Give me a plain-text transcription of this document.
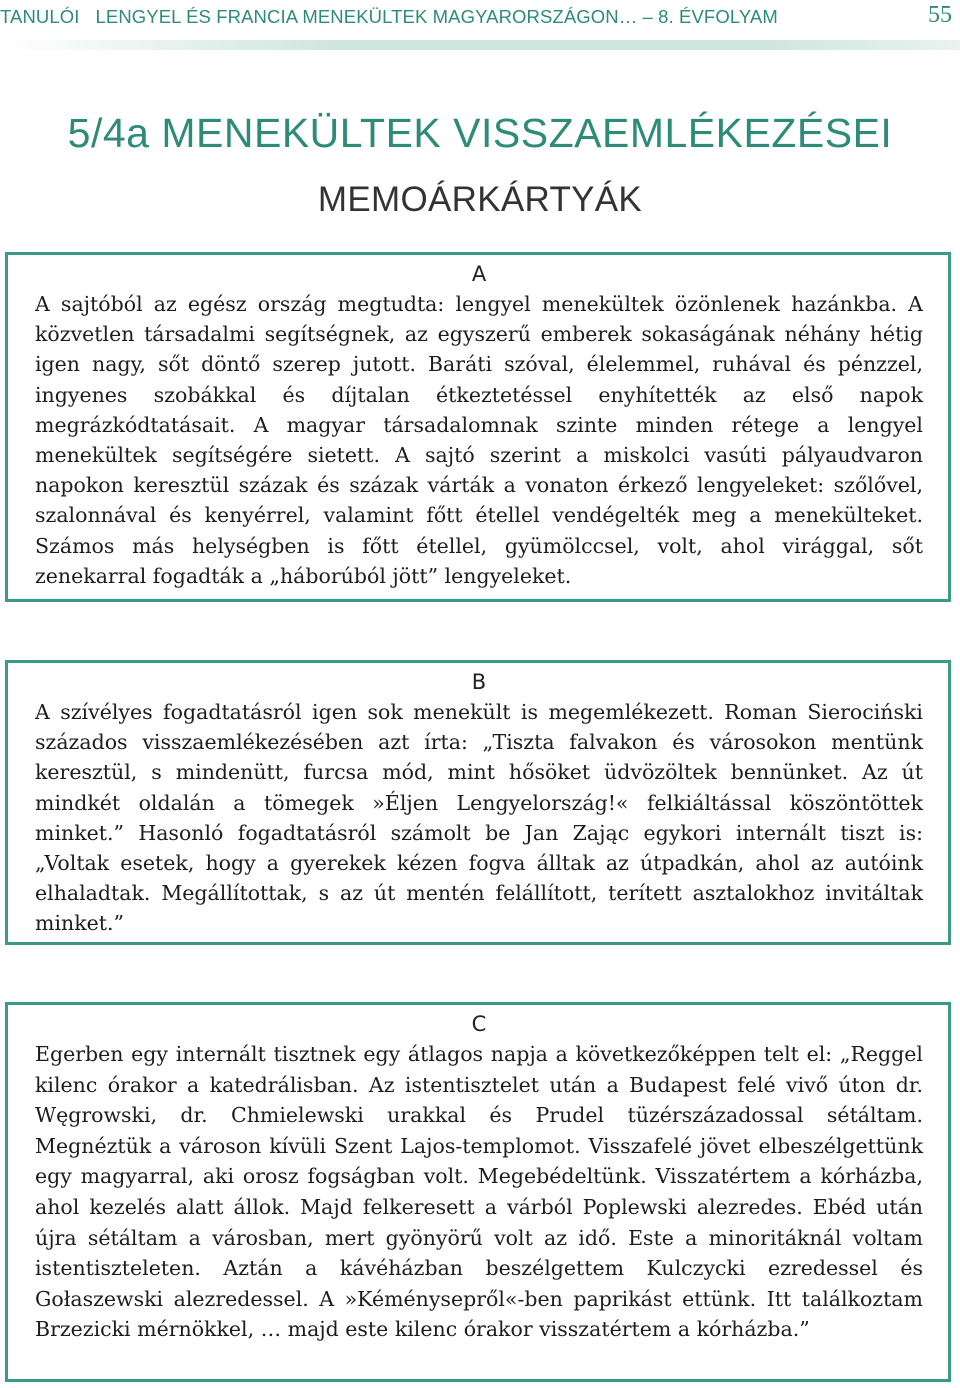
TANULÓI LENGYEL ÉS FRANCIA MENEKÜLTEK MAGYARORSZÁGON… – 8. ÉVFOLYAM	55
5/4a MENEKÜLTEK VISSZAEMLÉKEZÉSEI
MEMOÁRKÁRTYÁK
A

A sajtóból az egész ország megtudta: lengyel menekültek özönlenek hazánkba. A közvetlen társadalmi segítségnek, az egyszerű emberek sokaságának néhány hétig igen nagy, sőt döntő szerep jutott. Baráti szóval, élelemmel, ruhával és pénzzel, ingyenes szobákkal és díjtalan étkeztetéssel enyhítették az első napok megrázkódtatásait. A magyar társadalomnak szinte minden rétege a lengyel menekültek segítségére sietett. A sajtó szerint a miskolci vasúti pályaudvaron napokon keresztül százak és százak várták a vonaton érkező lengyeleket: szőlővel, szalonnával és kenyérrel, valamint főtt étellel vendégelték meg a menekülteket. Számos más helységben is főtt étellel, gyümölccsel, volt, ahol virággal, sőt zenekarral fogadták a „háborúból jött” lengyeleket.

B

A szívélyes fogadtatásról igen sok menekült is megemlékezett. Roman Sierociński százados visszaemlékezésében azt írta: „Tiszta falvakon és városokon mentünk keresztül, s mindenütt, furcsa mód, mint hősöket üdvözöltek bennünket. Az út mindkét oldalán a tömegek »Éljen Lengyelország!« felkiáltással köszöntöttek minket.” Hasonló fogadtatásról számolt be Jan Zając egykori internált tiszt is: „Voltak esetek, hogy a gyerekek kézen fogva álltak az útpadkán, ahol az autóink elhaladtak. Megállítottak, s az út mentén felállított, terített asztalokhoz invitáltak minket.”

C

Egerben egy internált tisztnek egy átlagos napja a következőképpen telt el: „Reggel kilenc órakor a katedrálisban. Az istentisztelet után a Budapest felé vivő úton dr. Węgrowski, dr. Chmielewski urakkal és Prudel tüzérszázadossal sétáltam. Megnéztük a városon kívüli Szent Lajos-templomot. Visszafelé jövet elbeszélgettünk egy magyarral, aki orosz fogságban volt. Megebédeltünk. Visszatértem a kórházba, ahol kezelés alatt állok. Majd felkeresett a várból Poplewski alezredes. Ebéd után újra sétáltam a városban, mert gyönyörű volt az idő. Este a minoritáknál voltam istentiszteleten. Aztán a kávéházban beszélgettem Kulczycki ezredessel és Gołaszewski alezredessel. A »Kéménysepről«-ben paprikást ettünk. Itt találkoztam Brzezicki mérnökkel, … majd este kilenc órakor visszatértem a kórházba.”
